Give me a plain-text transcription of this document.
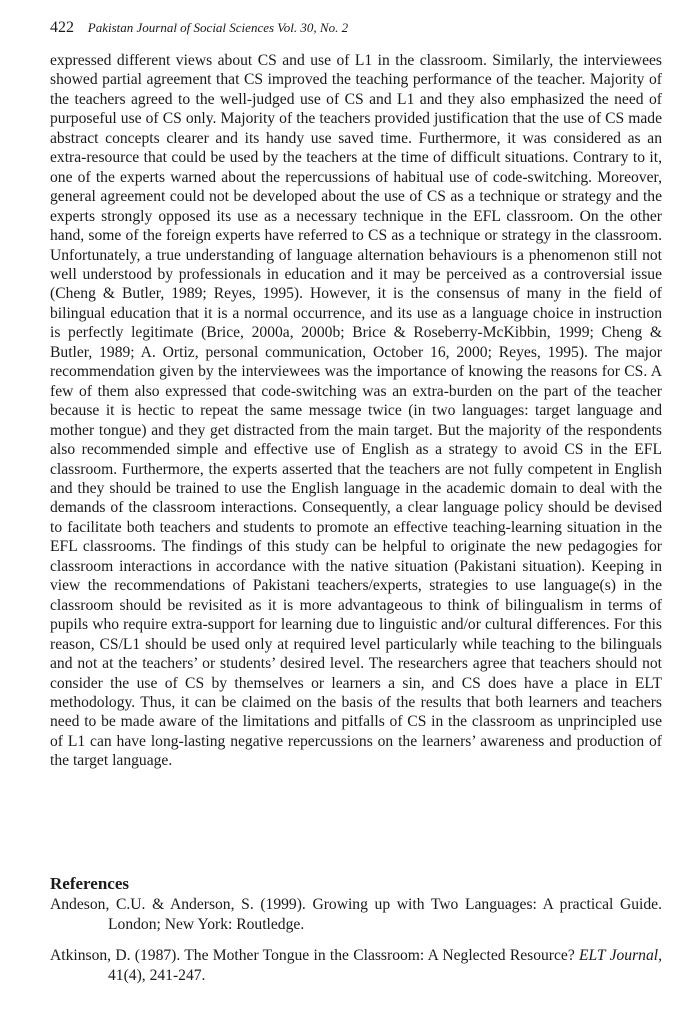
422 Pakistan Journal of Social Sciences Vol. 30, No. 2

expressed different views about CS and use of L1 in the classroom. Similarly, the interviewees showed partial agreement that CS improved the teaching performance of the teacher. Majority of the teachers agreed to the well-judged use of CS and L1 and they also emphasized the need of purposeful use of CS only. Majority of the teachers provided justification that the use of CS made abstract concepts clearer and its handy use saved time. Furthermore, it was considered as an extra-resource that could be used by the teachers at the time of difficult situations. Contrary to it, one of the experts warned about the repercussions of habitual use of code-switching. Moreover, general agreement could not be developed about the use of CS as a technique or strategy and the experts strongly opposed its use as a necessary technique in the EFL classroom. On the other hand, some of the foreign experts have referred to CS as a technique or strategy in the classroom. Unfortunately, a true understanding of language alternation behaviours is a phenomenon still not well understood by professionals in education and it may be perceived as a controversial issue (Cheng & Butler, 1989; Reyes, 1995). However, it is the consensus of many in the field of bilingual education that it is a normal occurrence, and its use as a language choice in instruction is perfectly legitimate (Brice, 2000a, 2000b; Brice & Roseberry-McKibbin, 1999; Cheng & Butler, 1989; A. Ortiz, personal communication, October 16, 2000; Reyes, 1995). The major recommendation given by the interviewees was the importance of knowing the reasons for CS. A few of them also expressed that code-switching was an extra-burden on the part of the teacher because it is hectic to repeat the same message twice (in two languages: target language and mother tongue) and they get distracted from the main target. But the majority of the respondents also recommended simple and effective use of English as a strategy to avoid CS in the EFL classroom. Furthermore, the experts asserted that the teachers are not fully competent in English and they should be trained to use the English language in the academic domain to deal with the demands of the classroom interactions. Consequently, a clear language policy should be devised to facilitate both teachers and students to promote an effective teaching-learning situation in the EFL classrooms. The findings of this study can be helpful to originate the new pedagogies for classroom interactions in accordance with the native situation (Pakistani situation). Keeping in view the recommendations of Pakistani teachers/experts, strategies to use language(s) in the classroom should be revisited as it is more advantageous to think of bilingualism in terms of pupils who require extra-support for learning due to linguistic and/or cultural differences. For this reason, CS/L1 should be used only at required level particularly while teaching to the bilinguals and not at the teachers’ or students’ desired level. The researchers agree that teachers should not consider the use of CS by themselves or learners a sin, and CS does have a place in ELT methodology. Thus, it can be claimed on the basis of the results that both learners and teachers need to be made aware of the limitations and pitfalls of CS in the classroom as unprincipled use of L1 can have long-lasting negative repercussions on the learners’ awareness and production of the target language.

References

Andeson, C.U. & Anderson, S. (1999). Growing up with Two Languages: A practical Guide. London; New York: Routledge.

Atkinson, D. (1987). The Mother Tongue in the Classroom: A Neglected Resource? ELT Journal, 41(4), 241-247.
